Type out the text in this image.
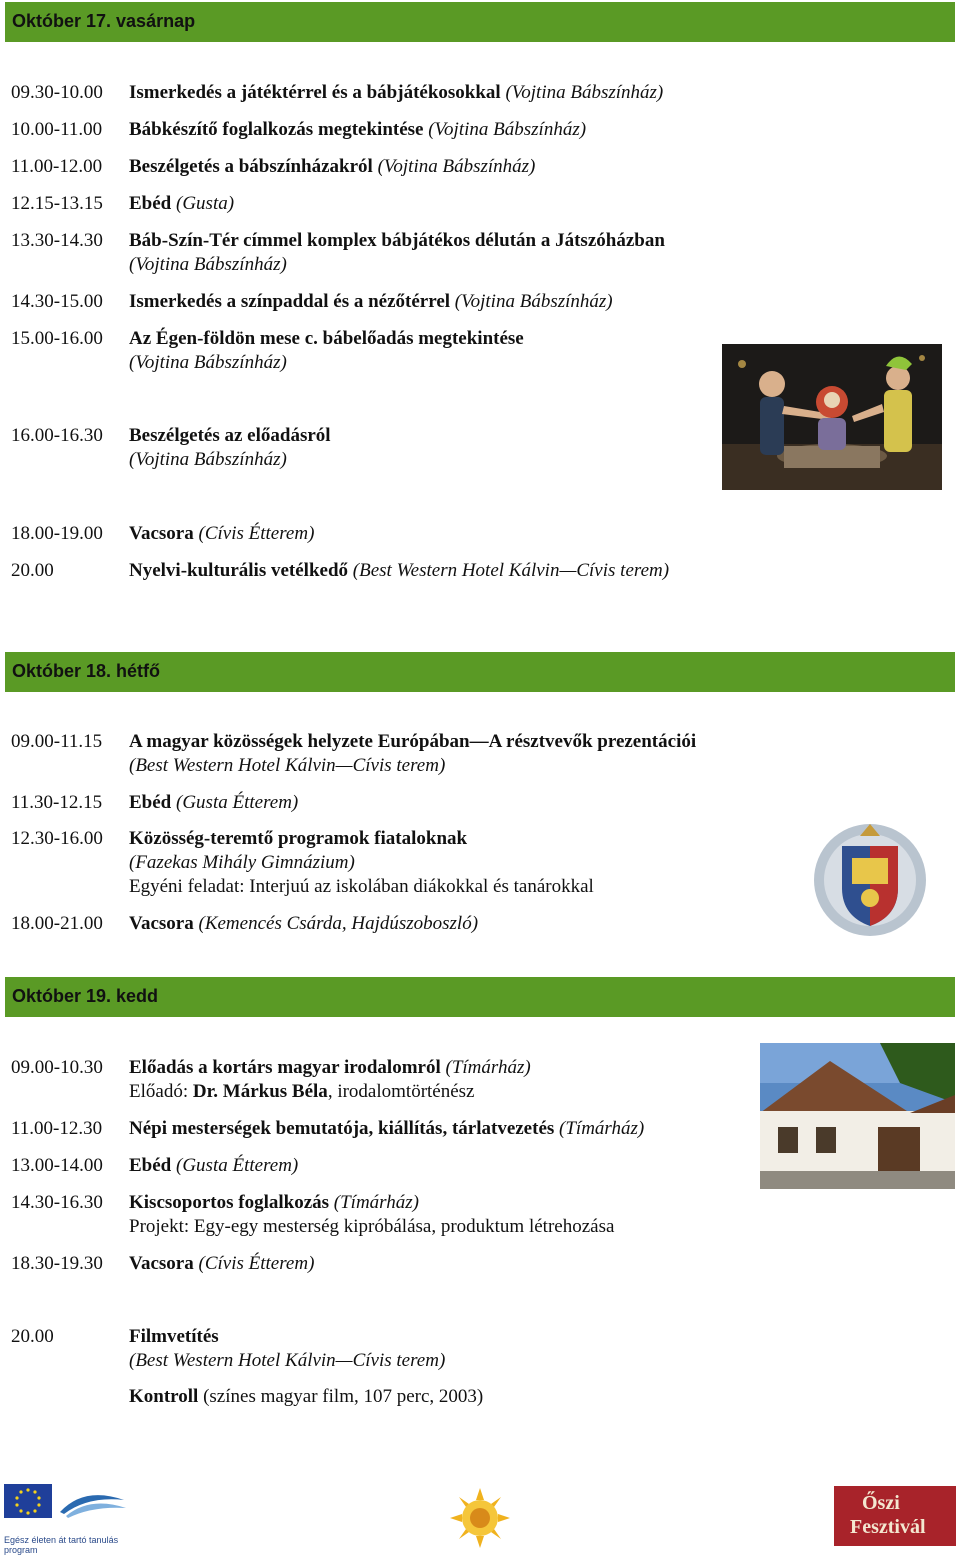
Október 17. vasárnap
09.30-10.00	Ismerkedés a játéktérrel és a bábjátékosokkal (Vojtina Bábszínház)
10.00-11.00	Bábkészítő foglalkozás megtekintése (Vojtina Bábszínház)
11.00-12.00	Beszélgetés a bábszínházakról (Vojtina Bábszínház)
12.15-13.15	Ebéd (Gusta)
13.30-14.30	Báb-Szín-Tér címmel komplex bábjátékos délután a Játszóházban
(Vojtina Bábszínház)
14.30-15.00	Ismerkedés a színpaddal és a nézőtérrel (Vojtina Bábszínház)
15.00-16.00	Az Égen-földön mese c. bábelőadás megtekintése
(Vojtina Bábszínház)
16.00-16.30	Beszélgetés az előadásról
(Vojtina Bábszínház)
18.00-19.00	Vacsora (Cívis Étterem)
20.00	Nyelvi-kulturális vetélkedő (Best Western Hotel Kálvin—Cívis terem)
Október 18. hétfő
09.00-11.15	A magyar közösségek helyzete Európában—A résztvevők prezentációi
(Best Western Hotel Kálvin—Cívis terem)
11.30-12.15	Ebéd (Gusta Étterem)
12.30-16.00	Közösség-teremtő programok fiataloknak
(Fazekas Mihály Gimnázium)
Egyéni feladat: Interjuú az iskolában diákokkal és tanárokkal
18.00-21.00	Vacsora (Kemencés Csárda, Hajdúszoboszló)
Október 19. kedd
09.00-10.30	Előadás a kortárs magyar irodalomról (Tímárház)
Előadó: Dr. Márkus Béla, irodalomtörténész
11.00-12.30	Népi mesterségek bemutatója, kiállítás, tárlatvezetés (Tímárház)
13.00-14.00	Ebéd (Gusta Étterem)
14.30-16.30	Kiscsoportos foglalkozás (Tímárház)
Projekt: Egy-egy mesterség kipróbálása, produktum létrehozása
18.30-19.30	Vacsora (Cívis Étterem)
20.00	Filmvetítés
(Best Western Hotel Kálvin—Cívis terem)
Kontroll (színes magyar film, 107 perc, 2003)
Egész életen át tartó tanulás program
Őszi
Fesztivál
